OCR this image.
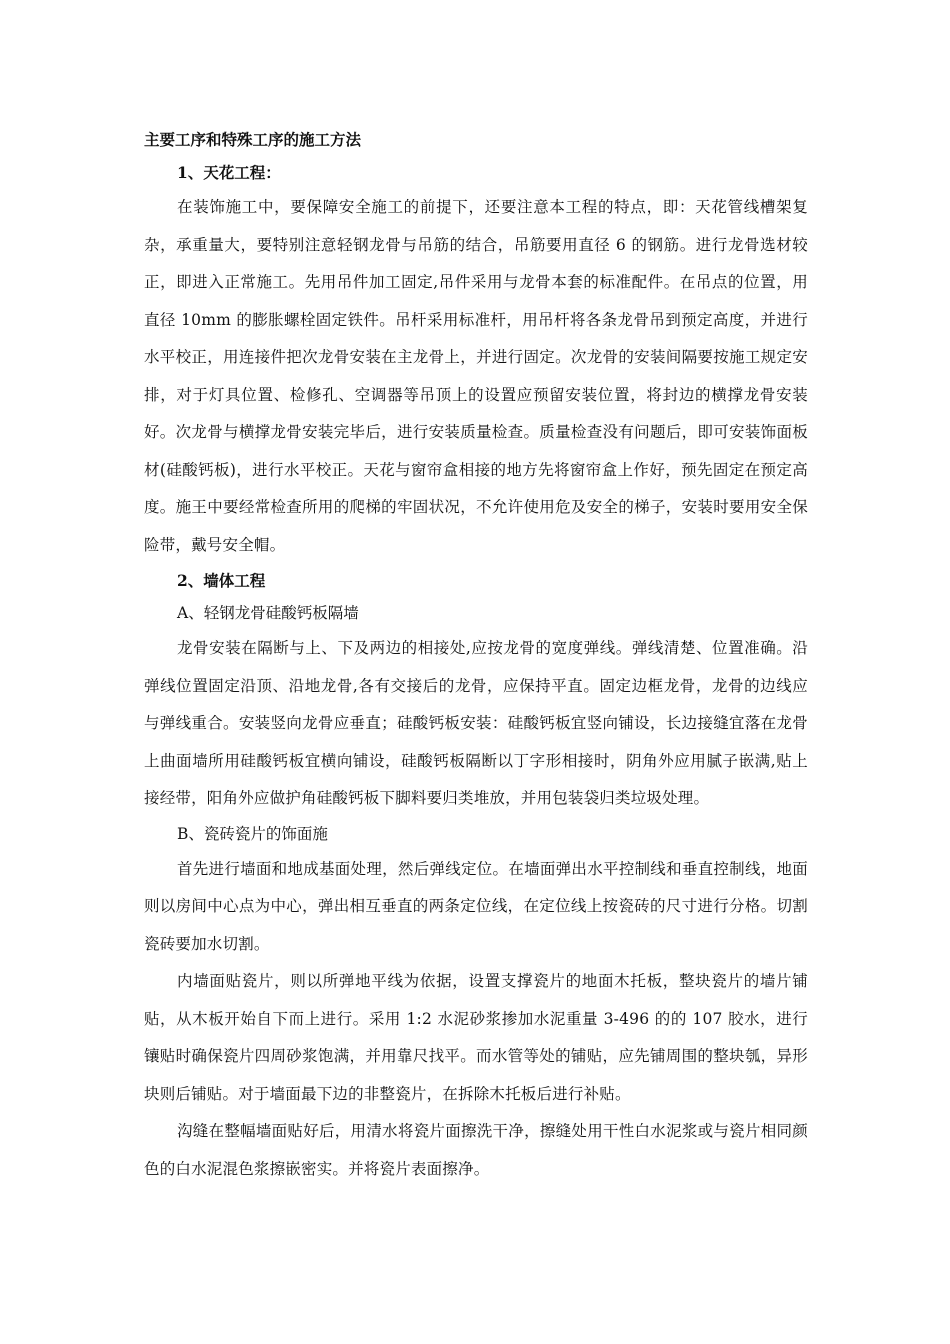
主要工序和特殊工序的施工方法

1、天花工程：

在装饰施工中，要保障安全施工的前提下，还要注意本工程的特点，即：天花管线槽架复杂，承重量大，要特别注意轻钢龙骨与吊筋的结合，吊筋要用直径 6 的钢筋。进行龙骨选材较正，即进入正常施工。先用吊件加工固定,吊件采用与龙骨本套的标准配件。在吊点的位置，用直径 10mm 的膨胀螺栓固定铁件。吊杆采用标准杆，用吊杆将各条龙骨吊到预定高度，并进行水平校正，用连接件把次龙骨安装在主龙骨上，并进行固定。次龙骨的安装间隔要按施工规定安排，对于灯具位置、检修孔、空调器等吊顶上的设置应预留安装位置，将封边的横撑龙骨安装好。次龙骨与横撑龙骨安装完毕后，进行安装质量检查。质量检查没有问题后，即可安装饰面板材(硅酸钙板)，进行水平校正。天花与窗帘盒相接的地方先将窗帘盒上作好，预先固定在预定高度。施王中要经常检查所用的爬梯的牢固状况，不允许使用危及安全的梯子，安装时要用安全保险带，戴号安全帽。

2、墙体工程

A、轻钢龙骨硅酸钙板隔墙

龙骨安装在隔断与上、下及两边的相接处,应按龙骨的宽度弹线。弹线清楚、位置准确。沿弹线位置固定沿顶、沿地龙骨,各有交接后的龙骨，应保持平直。固定边框龙骨，龙骨的边线应与弹线重合。安装竖向龙骨应垂直；硅酸钙板安装：硅酸钙板宜竖向铺设，长边接缝宜落在龙骨上曲面墙所用硅酸钙板宜横向铺设，硅酸钙板隔断以丁字形相接时，阴角外应用腻子嵌满,贴上接经带，阳角外应做护角硅酸钙板下脚料要归类堆放，并用包装袋归类垃圾处理。

B、瓷砖瓷片的饰面施

首先进行墙面和地成基面处理，然后弹线定位。在墙面弹出水平控制线和垂直控制线，地面则以房间中心点为中心，弹出相互垂直的两条定位线，在定位线上按瓷砖的尺寸进行分格。切割瓷砖要加水切割。

内墙面贴瓷片，则以所弹地平线为依据，设置支撑瓷片的地面木托板，整块瓷片的墙片铺贴，从木板开始自下而上进行。采用 1:2 水泥砂浆掺加水泥重量 3-496 的的 107 胶水，进行镶贴时确保瓷片四周砂浆饱满，并用靠尺找平。而水管等处的铺贴，应先铺周围的整块瓠，异形块则后铺贴。对于墙面最下边的非整瓷片，在拆除木托板后进行补贴。

沟缝在整幅墙面贴好后，用清水将瓷片面擦洗干净，擦缝处用干性白水泥浆或与瓷片相同颜色的白水泥混色浆擦嵌密实。并将瓷片表面擦净。
